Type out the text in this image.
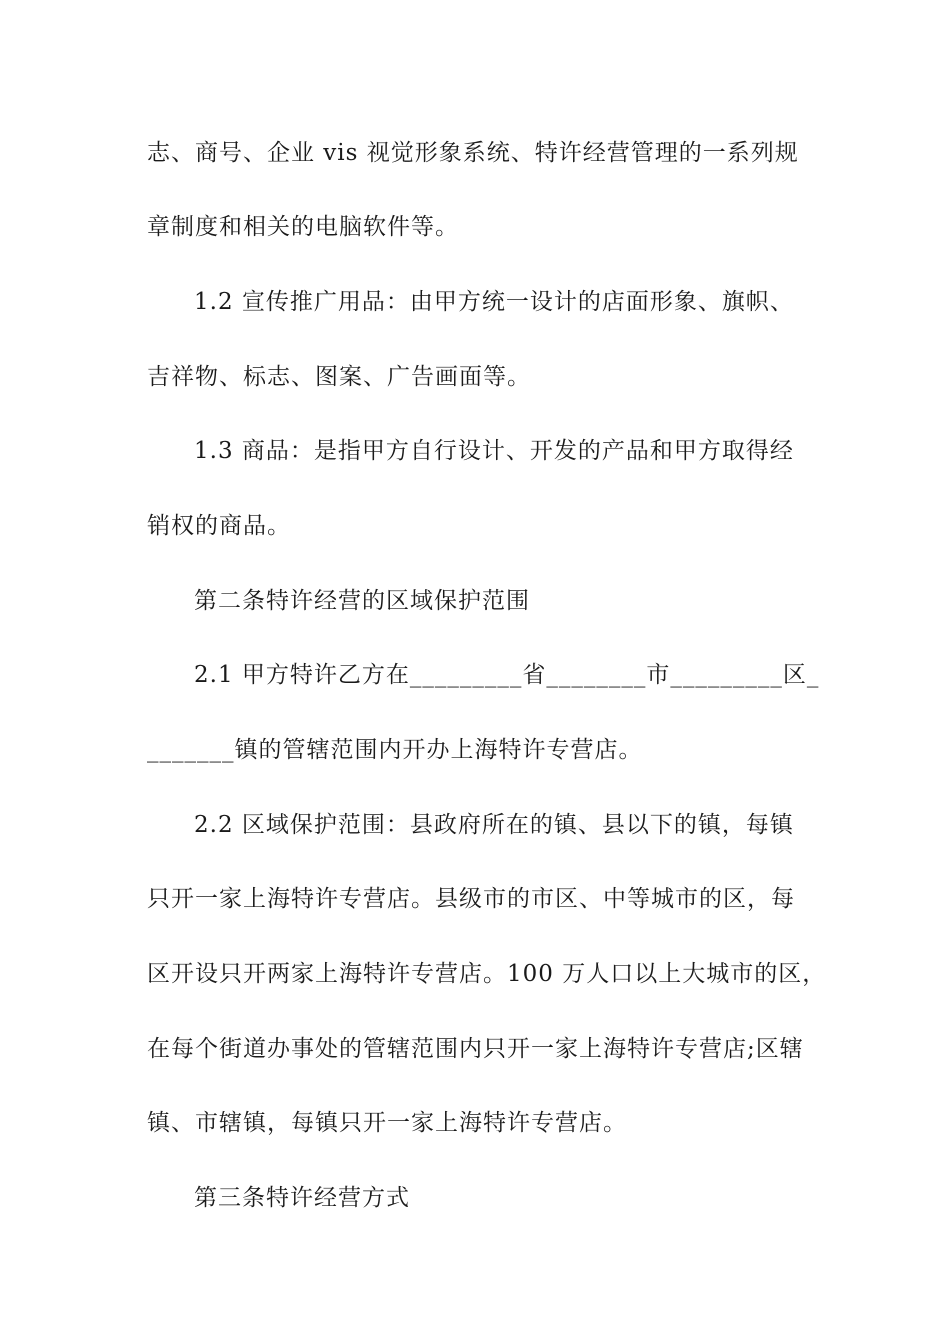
志、商号、企业 vis 视觉形象系统、特许经营管理的一系列规
章制度和相关的电脑软件等。
1.2 宣传推广用品：由甲方统一设计的店面形象、旗帜、
吉祥物、标志、图案、广告画面等。
1.3 商品：是指甲方自行设计、开发的产品和甲方取得经
销权的商品。
第二条特许经营的区域保护范围
2.1 甲方特许乙方在_________省________市_________区_
_______镇的管辖范围内开办上海特许专营店。
2.2 区域保护范围：县政府所在的镇、县以下的镇，每镇
只开一家上海特许专营店。县级市的市区、中等城市的区，每
区开设只开两家上海特许专营店。100 万人口以上大城市的区，
在每个街道办事处的管辖范围内只开一家上海特许专营店;区辖
镇、市辖镇，每镇只开一家上海特许专营店。
第三条特许经营方式
